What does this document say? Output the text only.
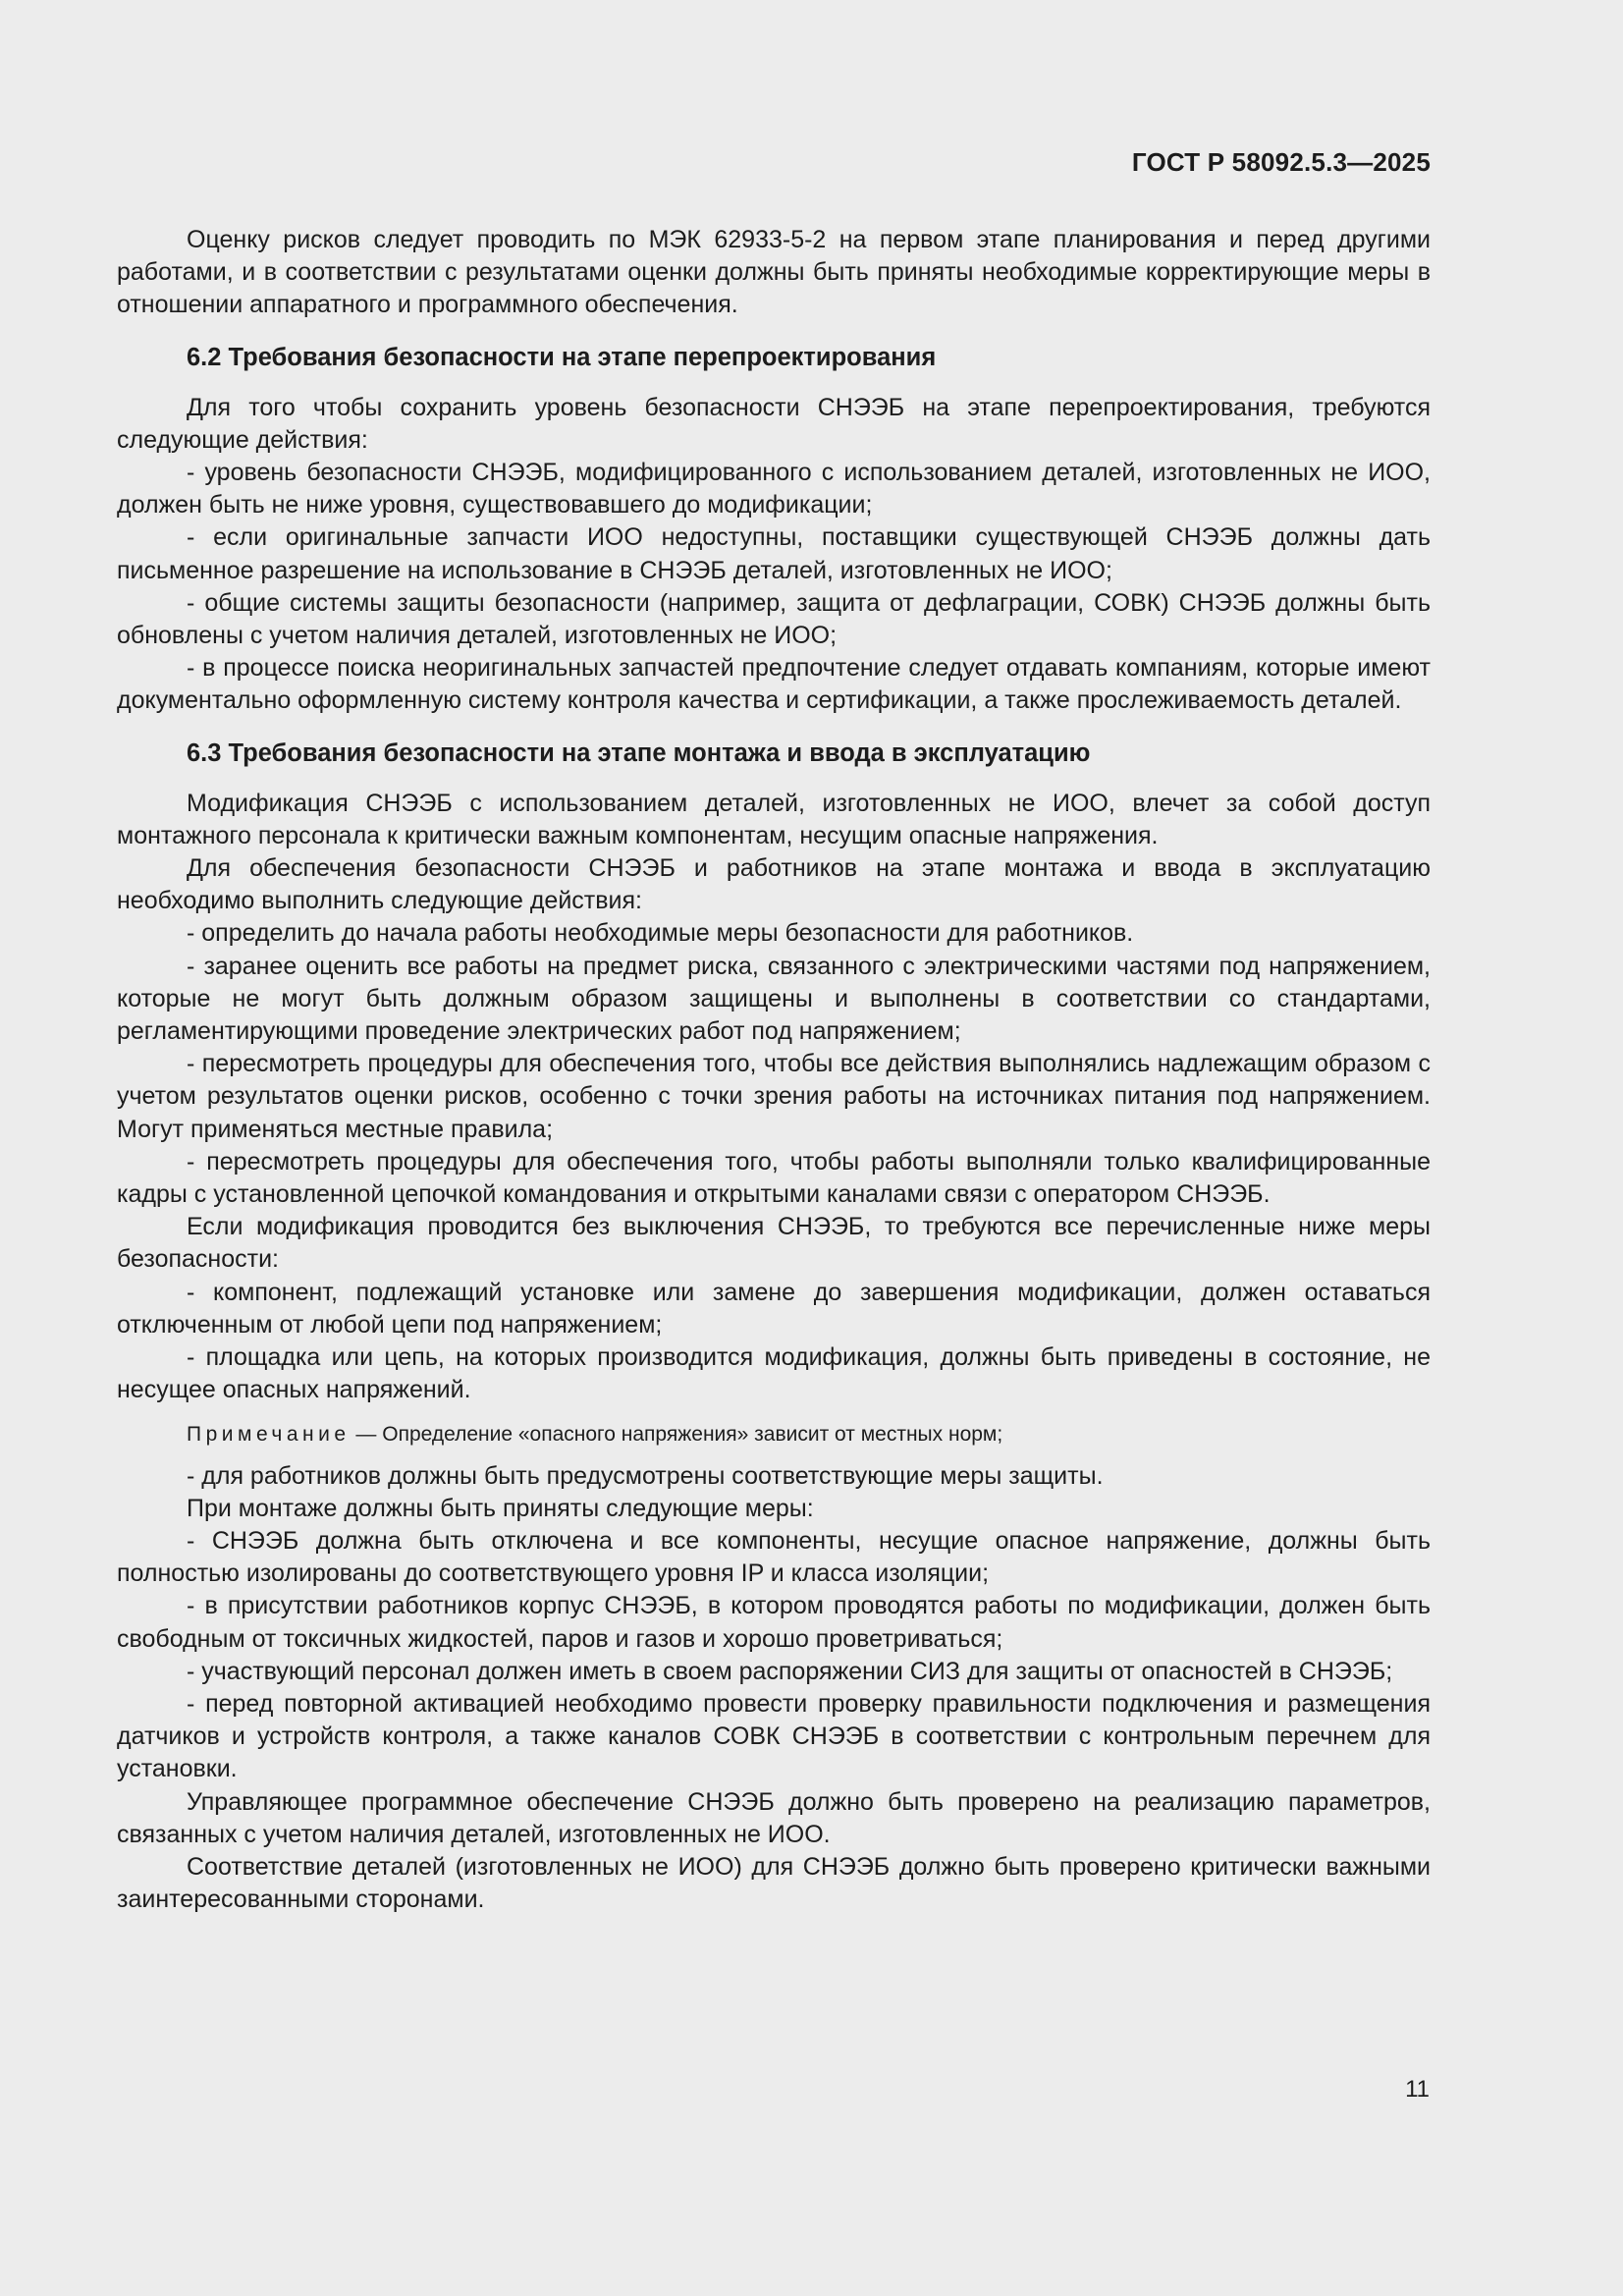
ГОСТ Р 58092.5.3—2025

Оценку рисков следует проводить по МЭК 62933-5-2 на первом этапе планирования и перед другими работами, и в соответствии с результатами оценки должны быть приняты необходимые корректирующие меры в отношении аппаратного и программного обеспечения.

6.2 Требования безопасности на этапе перепроектирования

Для того чтобы сохранить уровень безопасности СНЭЭБ на этапе перепроектирования, требуются следующие действия:

- уровень безопасности СНЭЭБ, модифицированного с использованием деталей, изготовленных не ИОО, должен быть не ниже уровня, существовавшего до модификации;

- если оригинальные запчасти ИОО недоступны, поставщики существующей СНЭЭБ должны дать письменное разрешение на использование в СНЭЭБ деталей, изготовленных не ИОО;

- общие системы защиты безопасности (например, защита от дефлаграции, СОВК) СНЭЭБ должны быть обновлены с учетом наличия деталей, изготовленных не ИОО;

- в процессе поиска неоригинальных запчастей предпочтение следует отдавать компаниям, которые имеют документально оформленную систему контроля качества и сертификации, а также прослеживаемость деталей.

6.3 Требования безопасности на этапе монтажа и ввода в эксплуатацию

Модификация СНЭЭБ с использованием деталей, изготовленных не ИОО, влечет за собой доступ монтажного персонала к критически важным компонентам, несущим опасные напряжения.

Для обеспечения безопасности СНЭЭБ и работников на этапе монтажа и ввода в эксплуатацию необходимо выполнить следующие действия:

- определить до начала работы необходимые меры безопасности для работников.

- заранее оценить все работы на предмет риска, связанного с электрическими частями под напряжением, которые не могут быть должным образом защищены и выполнены в соответствии со стандартами, регламентирующими проведение электрических работ под напряжением;

- пересмотреть процедуры для обеспечения того, чтобы все действия выполнялись надлежащим образом с учетом результатов оценки рисков, особенно с точки зрения работы на источниках питания под напряжением. Могут применяться местные правила;

- пересмотреть процедуры для обеспечения того, чтобы работы выполняли только квалифицированные кадры с установленной цепочкой командования и открытыми каналами связи с оператором СНЭЭБ.

Если модификация проводится без выключения СНЭЭБ, то требуются все перечисленные ниже меры безопасности:

- компонент, подлежащий установке или замене до завершения модификации, должен оставаться отключенным от любой цепи под напряжением;

- площадка или цепь, на которых производится модификация, должны быть приведены в состояние, не несущее опасных напряжений.

Примечание — Определение «опасного напряжения» зависит от местных норм;

- для работников должны быть предусмотрены соответствующие меры защиты.

При монтаже должны быть приняты следующие меры:

- СНЭЭБ должна быть отключена и все компоненты, несущие опасное напряжение, должны быть полностью изолированы до соответствующего уровня IP и класса изоляции;

- в присутствии работников корпус СНЭЭБ, в котором проводятся работы по модификации, должен быть свободным от токсичных жидкостей, паров и газов и хорошо проветриваться;

- участвующий персонал должен иметь в своем распоряжении СИЗ для защиты от опасностей в СНЭЭБ;

- перед повторной активацией необходимо провести проверку правильности подключения и размещения датчиков и устройств контроля, а также каналов СОВК СНЭЭБ в соответствии с контрольным перечнем для установки.

Управляющее программное обеспечение СНЭЭБ должно быть проверено на реализацию параметров, связанных с учетом наличия деталей, изготовленных не ИОО.

Соответствие деталей (изготовленных не ИОО) для СНЭЭБ должно быть проверено критически важными заинтересованными сторонами.

11
